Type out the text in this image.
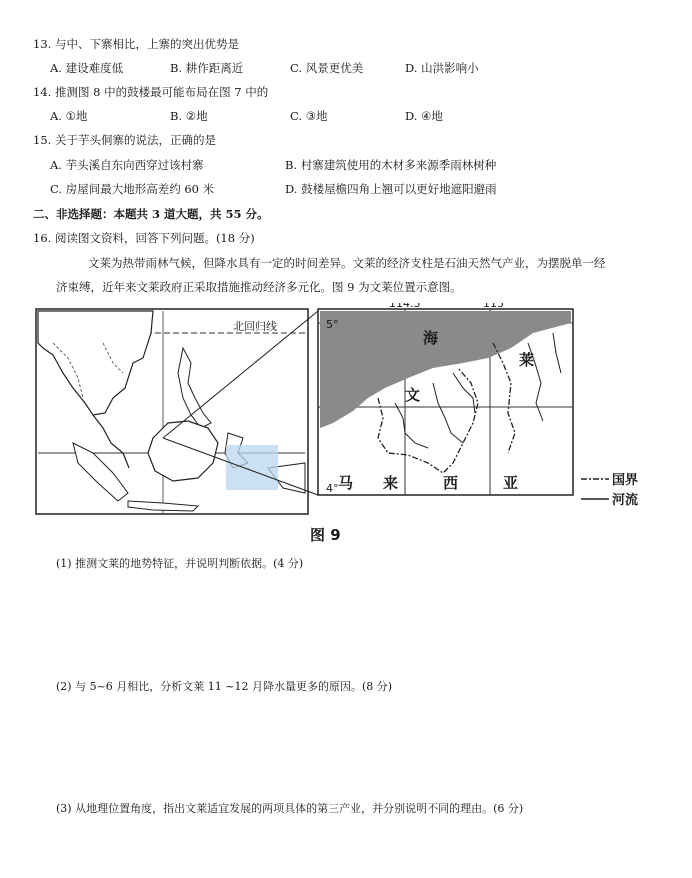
13. 与中、下寨相比，上寨的突出优势是
A. 建设难度低	B. 耕作距离近	C. 风景更优美	D. 山洪影响小
14. 推测图 8 中的鼓楼最可能布局在图 7 中的
A. ①地	B. ②地	C. ③地	D. ④地
15. 关于芋头侗寨的说法，正确的是
A. 芋头溪自东向西穿过该村寨	B. 村寨建筑使用的木材多来源季雨林树种
C. 房屋间最大地形高差约 60 米	D. 鼓楼屋檐四角上翘可以更好地遮阳避雨
二、非选择题：本题共 3 道大题，共 55 分。
16. 阅读图文资料，回答下列问题。(18 分)
文莱为热带雨林气候，但降水具有一定的时间差异。文莱的经济支柱是石油天然气产业，为摆脱单一经
济束缚，近年来文莱政府正采取措施推动经济多元化。图 9 为文莱位置示意图。
北回归线	5°
4°
114.5°	115°
海
文
莱
马 来	西	亚	国界
河流
图 9
(1) 推测文莱的地势特征，并说明判断依据。(4 分)
(2) 与 5~6 月相比，分析文莱 11 ~12 月降水量更多的原因。(8 分)
(3) 从地理位置角度，指出文莱适宜发展的两项具体的第三产业，并分别说明不同的理由。(6 分)
